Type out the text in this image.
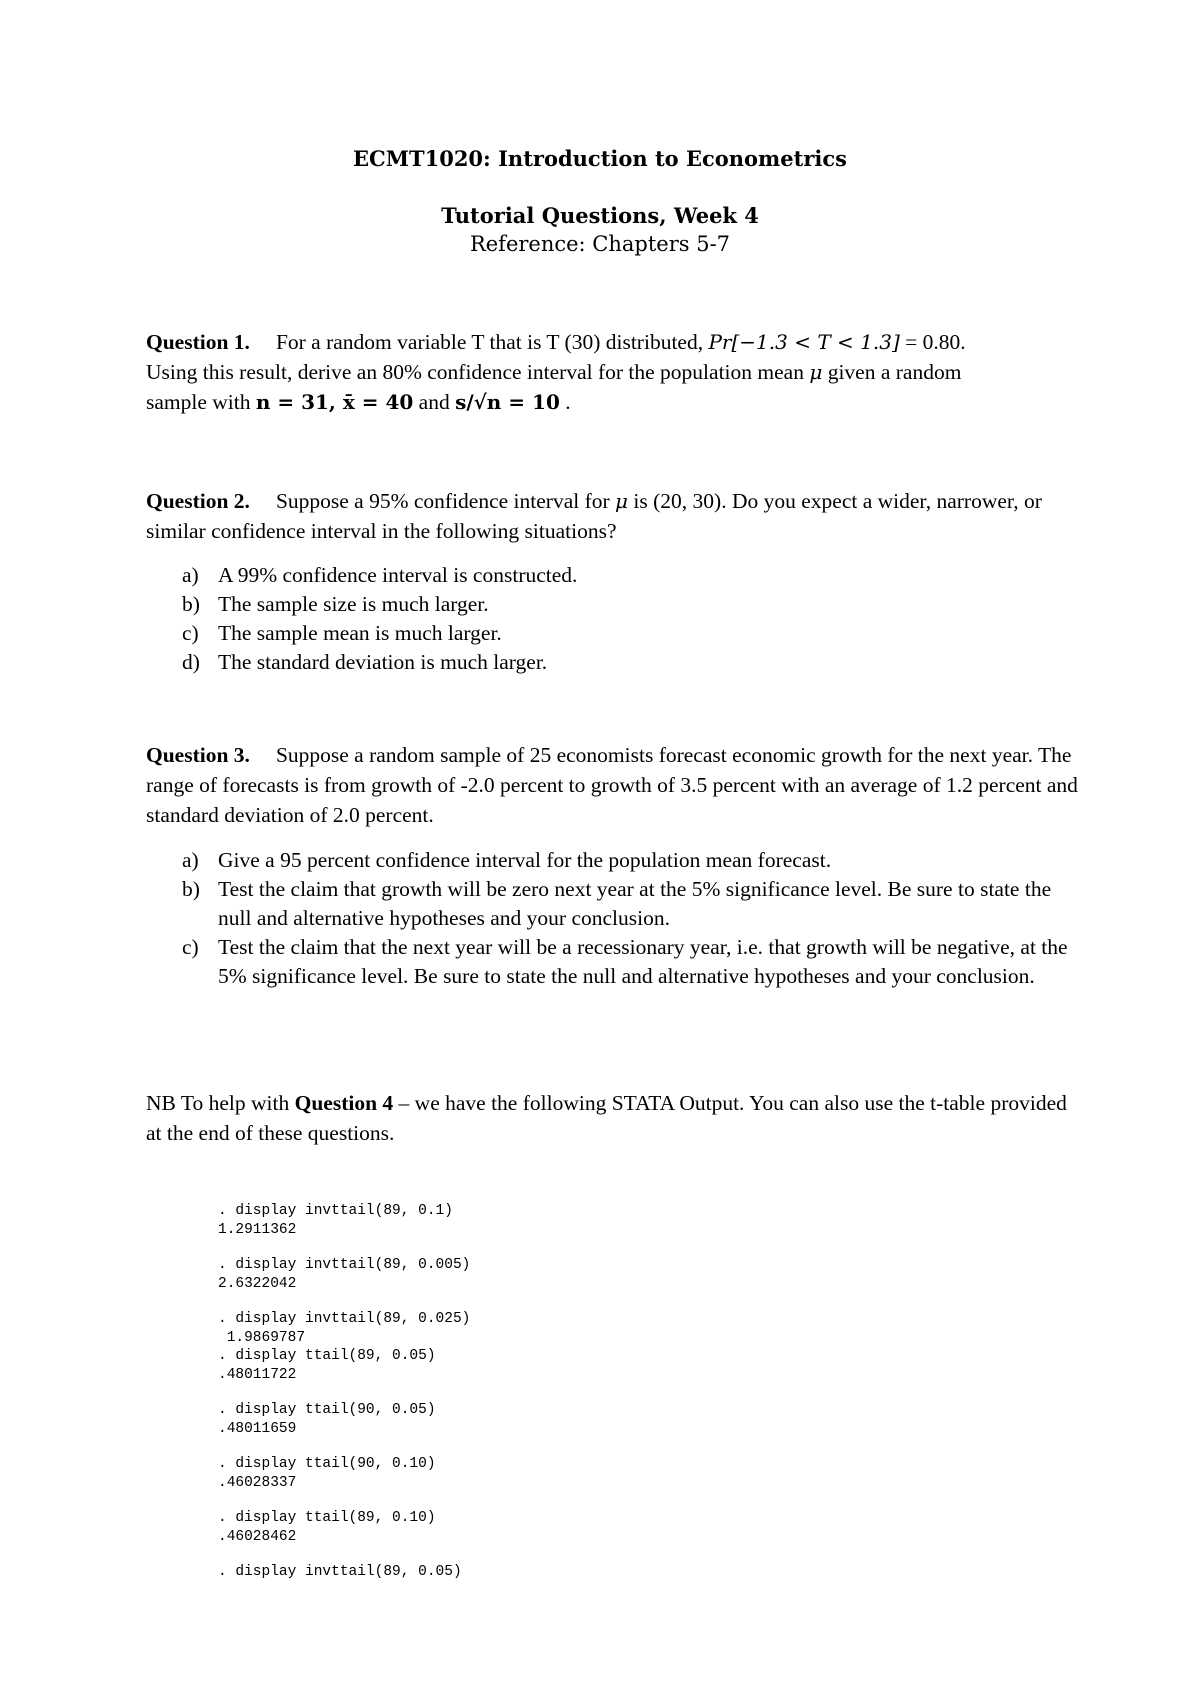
ECMT1020: Introduction to Econometrics
Tutorial Questions, Week 4
Reference: Chapters 5-7
Question 1. For a random variable T that is T (30) distributed, Pr[−1.3 < T < 1.3] = 0.80.
Using this result, derive an 80% confidence interval for the population mean μ given a random
sample with n = 31, x̄ = 40 and s/√n = 10 .
Question 2. Suppose a 95% confidence interval for μ is (20, 30). Do you expect a wider, narrower, or similar confidence interval in the following situations?
a) A 99% confidence interval is constructed.
b) The sample size is much larger.
c) The sample mean is much larger.
d) The standard deviation is much larger.
Question 3. Suppose a random sample of 25 economists forecast economic growth for the next year. The range of forecasts is from growth of -2.0 percent to growth of 3.5 percent with an average of 1.2 percent and standard deviation of 2.0 percent.
a) Give a 95 percent confidence interval for the population mean forecast.
b) Test the claim that growth will be zero next year at the 5% significance level. Be sure to state the null and alternative hypotheses and your conclusion.
c) Test the claim that the next year will be a recessionary year, i.e. that growth will be negative, at the 5% significance level. Be sure to state the null and alternative hypotheses and your conclusion.
NB To help with Question 4 – we have the following STATA Output. You can also use the t-table provided at the end of these questions.

. display invttail(89, 0.1)
1.2911362
. display invttail(89, 0.005)
2.6322042
. display invttail(89, 0.025)
1.9869787
. display ttail(89, 0.05)
.48011722
. display ttail(90, 0.05)
.48011659
. display ttail(90, 0.10)
.46028337
. display ttail(89, 0.10)
.46028462
. display invttail(89, 0.05)
